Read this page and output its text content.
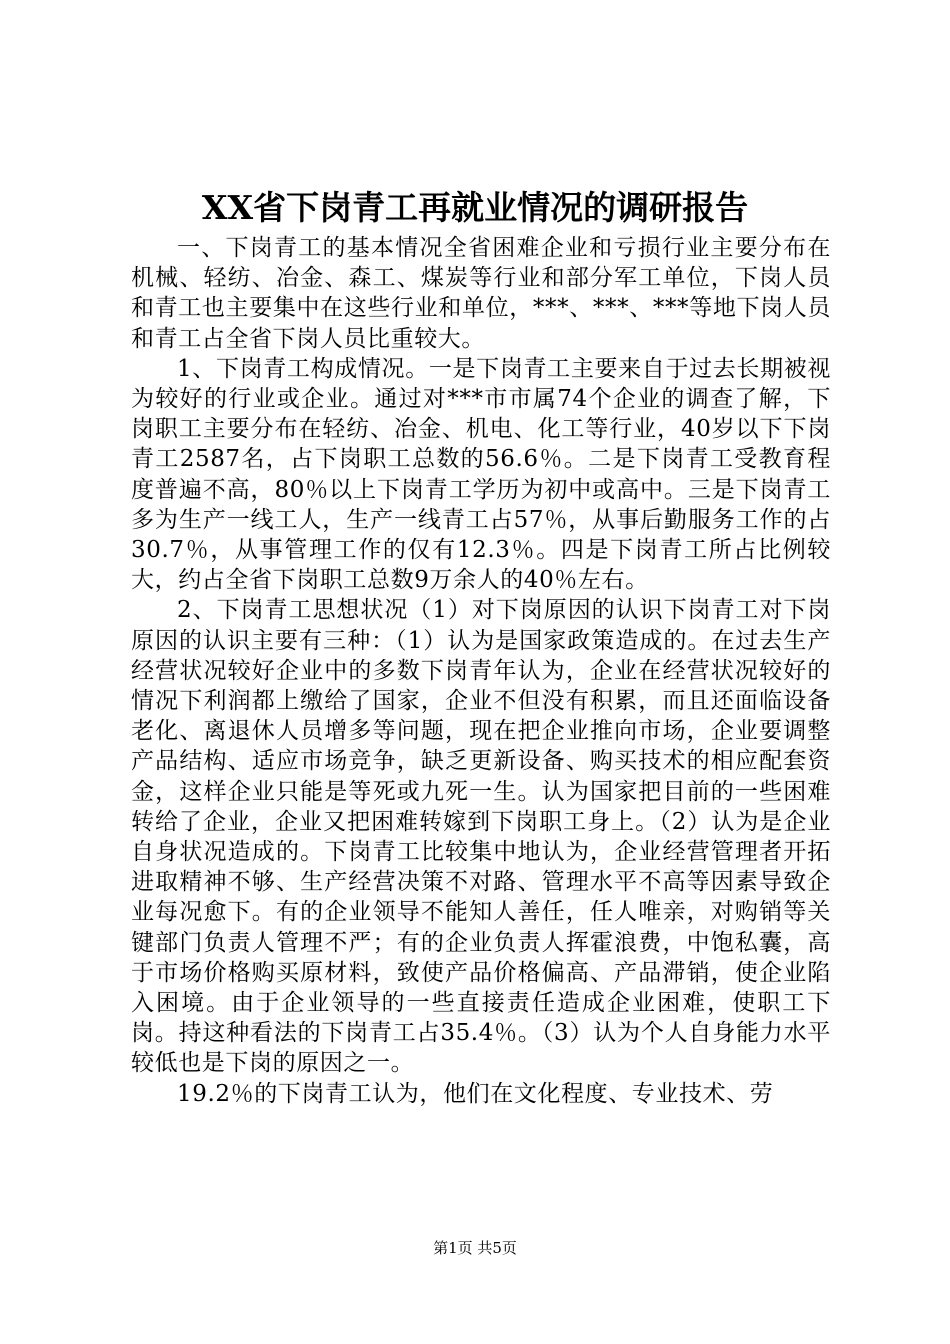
XX省下岗青工再就业情况的调研报告

一、下岗青工的基本情况全省困难企业和亏损行业主要分布在机械、轻纺、冶金、森工、煤炭等行业和部分军工单位，下岗人员和青工也主要集中在这些行业和单位，***、***、***等地下岗人员和青工占全省下岗人员比重较大。

1、下岗青工构成情况。一是下岗青工主要来自于过去长期被视为较好的行业或企业。通过对***市市属74个企业的调查了解，下岗职工主要分布在轻纺、冶金、机电、化工等行业，40岁以下下岗青工2587名，占下岗职工总数的56.6％。二是下岗青工受教育程度普遍不高，80％以上下岗青工学历为初中或高中。三是下岗青工多为生产一线工人，生产一线青工占57％，从事后勤服务工作的占30.7％，从事管理工作的仅有12.3％。四是下岗青工所占比例较大，约占全省下岗职工总数9万余人的40％左右。

2、下岗青工思想状况（1）对下岗原因的认识下岗青工对下岗原因的认识主要有三种：（1）认为是国家政策造成的。在过去生产经营状况较好企业中的多数下岗青年认为，企业在经营状况较好的情况下利润都上缴给了国家，企业不但没有积累，而且还面临设备老化、离退休人员增多等问题，现在把企业推向市场，企业要调整产品结构、适应市场竞争，缺乏更新设备、购买技术的相应配套资金，这样企业只能是等死或九死一生。认为国家把目前的一些困难转给了企业，企业又把困难转嫁到下岗职工身上。（2）认为是企业自身状况造成的。下岗青工比较集中地认为，企业经营管理者开拓进取精神不够、生产经营决策不对路、管理水平不高等因素导致企业每况愈下。有的企业领导不能知人善任，任人唯亲，对购销等关键部门负责人管理不严；有的企业负责人挥霍浪费，中饱私囊，高于市场价格购买原材料，致使产品价格偏高、产品滞销，使企业陷入困境。由于企业领导的一些直接责任造成企业困难，使职工下岗。持这种看法的下岗青工占35.4％。（3）认为个人自身能力水平较低也是下岗的原因之一。

19.2％的下岗青工认为，他们在文化程度、专业技术、劳

第1页 共5页
